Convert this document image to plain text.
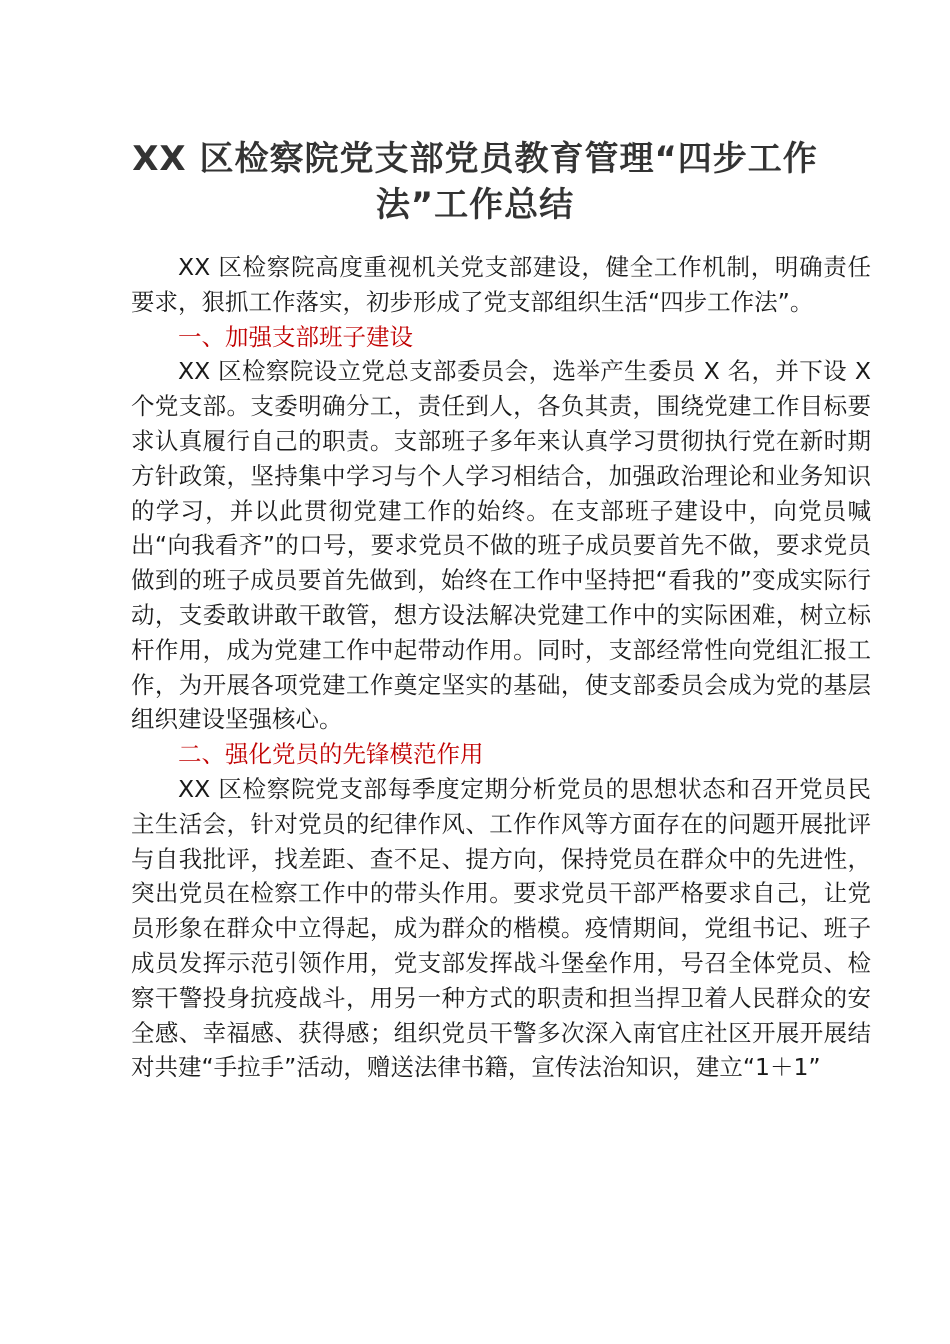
XX 区检察院党支部党员教育管理“四步工作
法”工作总结

XX 区检察院高度重视机关党支部建设，健全工作机制，明确责任要求，狠抓工作落实，初步形成了党支部组织生活“四步工作法”。

一、加强支部班子建设

XX 区检察院设立党总支部委员会，选举产生委员 X 名，并下设 X 个党支部。支委明确分工，责任到人，各负其责，围绕党建工作目标要求认真履行自己的职责。支部班子多年来认真学习贯彻执行党在新时期方针政策，坚持集中学习与个人学习相结合，加强政治理论和业务知识的学习，并以此贯彻党建工作的始终。在支部班子建设中，向党员喊出“向我看齐”的口号，要求党员不做的班子成员要首先不做，要求党员做到的班子成员要首先做到，始终在工作中坚持把“看我的”变成实际行动，支委敢讲敢干敢管，想方设法解决党建工作中的实际困难，树立标杆作用，成为党建工作中起带动作用。同时，支部经常性向党组汇报工作，为开展各项党建工作奠定坚实的基础，使支部委员会成为党的基层组织建设坚强核心。

二、强化党员的先锋模范作用

XX 区检察院党支部每季度定期分析党员的思想状态和召开党员民主生活会，针对党员的纪律作风、工作作风等方面存在的问题开展批评与自我批评，找差距、查不足、提方向，保持党员在群众中的先进性，突出党员在检察工作中的带头作用。要求党员干部严格要求自己，让党员形象在群众中立得起，成为群众的楷模。疫情期间，党组书记、班子成员发挥示范引领作用，党支部发挥战斗堡垒作用，号召全体党员、检察干警投身抗疫战斗，用另一种方式的职责和担当捍卫着人民群众的安全感、幸福感、获得感；组织党员干警多次深入南官庄社区开展开展结对共建“手拉手”活动，赠送法律书籍，宣传法治知识，建立“1＋1”
